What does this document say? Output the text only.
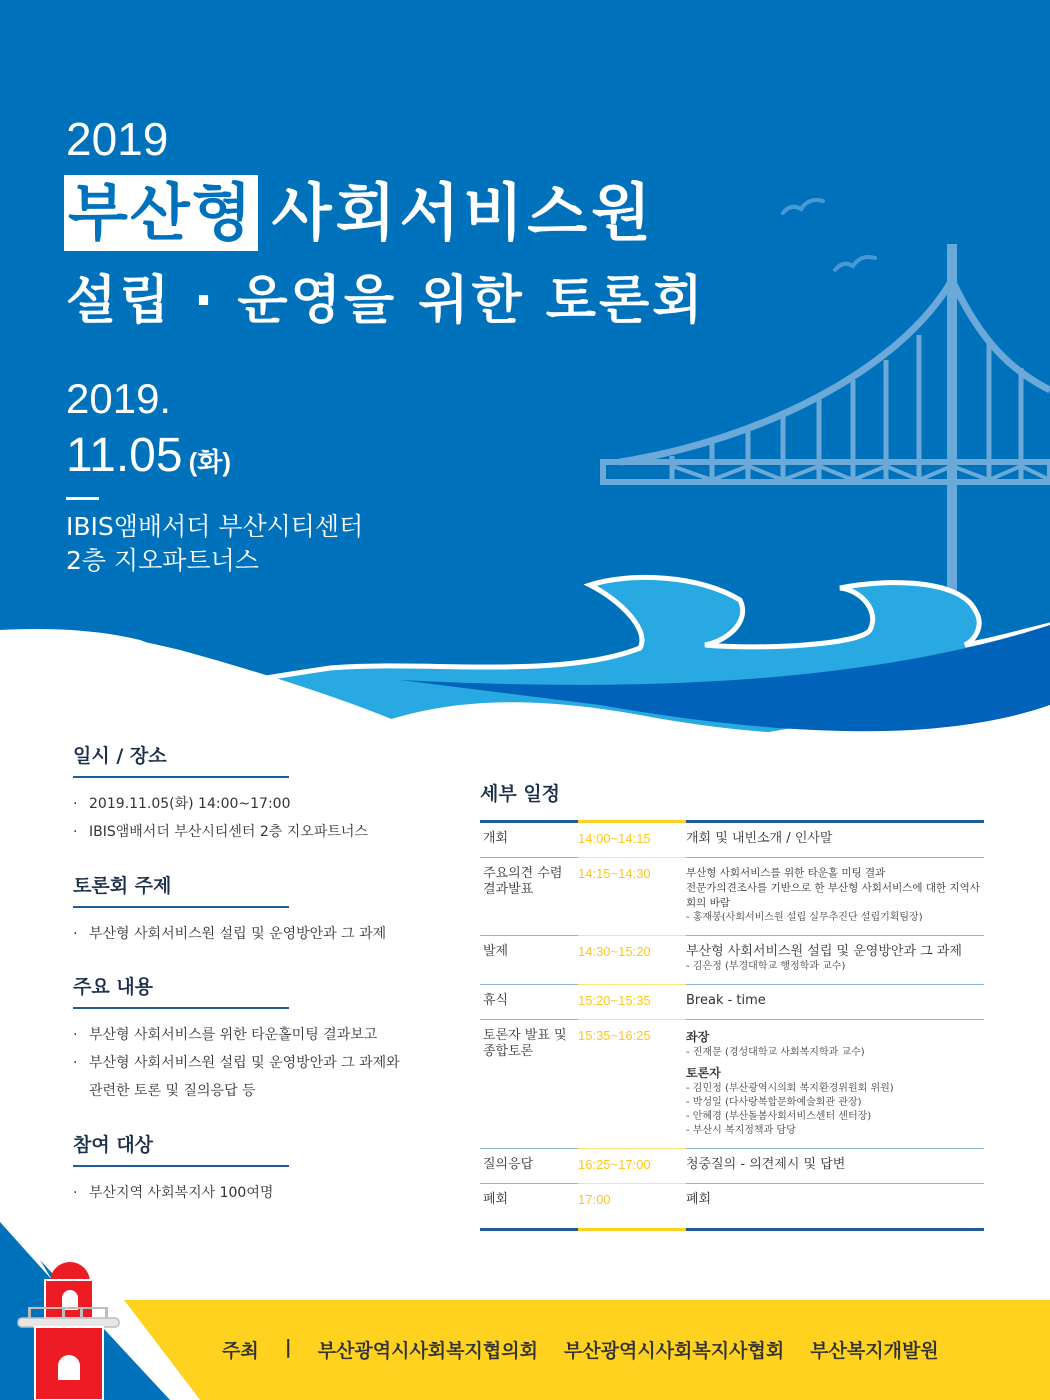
2019
부산형 사회서비스원
설립 · 운영을 위한 토론회
2019.
11.05 (화)
IBIS앰배서더 부산시티센터
2층 지오파트너스
일시 / 장소
· 2019.11.05(화) 14:00~17:00
· IBIS앰배서더 부산시티센터 2층 지오파트너스
토론회 주제
· 부산형 사회서비스원 설립 및 운영방안과 그 과제
주요 내용
· 부산형 사회서비스를 위한 타운홀미팅 결과보고
· 부산형 사회서비스원 설립 및 운영방안과 그 과제와 관련한 토론 및 질의응답 등
참여 대상
· 부산지역 사회복지사 100여명
세부 일정
개회	14:00~14:15	개회 및 내빈소개 / 인사말
주요의견 수렴 결과발표	14:15~14:30	부산형 사회서비스를 위한 타운홀 미팅 결과
전문가의견조사를 기반으로 한 부산형 사회서비스에 대한 지역사회의 바람
- 홍재봉(사회서비스원 설립 실무추진단 설립기획팀장)

발제	14:30~15:20	부산형 사회서비스원 설립 및 운영방안과 그 과제
- 김은정 (부경대학교 행정학과 교수)

휴식	15:20~15:35	Break - time
토론자 발표 및 종합토론	15:35~16:25	좌장
- 진재문 (경성대학교 사회복지학과 교수)
토론자
- 김민정 (부산광역시의회 복지환경위원회 위원)
- 박성일 (다사랑복합문화예술회관 관장)
- 안혜경 (부산돌봄사회서비스센터 센터장)
- 부산시 복지정책과 담당

질의응답	16:25~17:00	청중질의 - 의견제시 및 답변
폐회	17:00	폐회
주최 | 부산광역시사회복지협의회 부산광역시사회복지사협회 부산복지개발원
